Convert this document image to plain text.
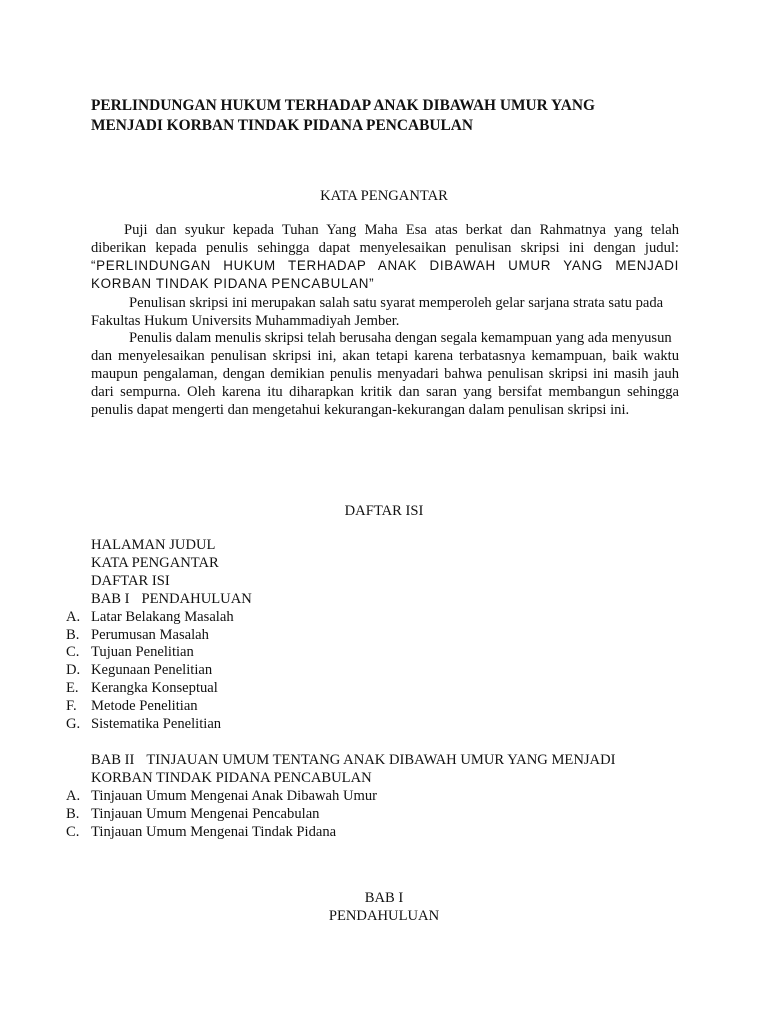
PERLINDUNGAN HUKUM TERHADAP ANAK DIBAWAH UMUR YANG
MENJADI KORBAN TINDAK PIDANA PENCABULAN
KATA PENGANTAR
Puji dan syukur kepada Tuhan Yang Maha Esa atas berkat dan Rahmatnya yang telah
diberikan kepada penulis sehingga dapat menyelesaikan penulisan skripsi ini dengan judul:
“PERLINDUNGAN HUKUM TERHADAP ANAK DIBAWAH UMUR YANG MENJADI
KORBAN TINDAK PIDANA PENCABULAN”
Penulisan skripsi ini merupakan salah satu syarat memperoleh gelar sarjana strata satu pada
Fakultas Hukum Universits Muhammadiyah Jember.
Penulis dalam menulis skripsi telah berusaha dengan segala kemampuan yang ada menyusun
dan menyelesaikan penulisan skripsi ini, akan tetapi karena terbatasnya kemampuan, baik waktu
maupun pengalaman, dengan demikian penulis menyadari bahwa penulisan skripsi ini masih jauh
dari sempurna. Oleh karena itu diharapkan kritik dan saran yang bersifat membangun sehingga
penulis dapat mengerti dan mengetahui kekurangan-kekurangan dalam penulisan skripsi ini.
DAFTAR ISI
HALAMAN JUDUL
KATA PENGANTAR
DAFTAR ISI
BAB I PENDAHULUAN
A. Latar Belakang Masalah
B. Perumusan Masalah
C. Tujuan Penelitian
D. Kegunaan Penelitian
E. Kerangka Konseptual
F. Metode Penelitian
G. Sistematika Penelitian
BAB II TINJAUAN UMUM TENTANG ANAK DIBAWAH UMUR YANG MENJADI
KORBAN TINDAK PIDANA PENCABULAN
A. Tinjauan Umum Mengenai Anak Dibawah Umur
B. Tinjauan Umum Mengenai Pencabulan
C. Tinjauan Umum Mengenai Tindak Pidana
BAB I
PENDAHULUAN
